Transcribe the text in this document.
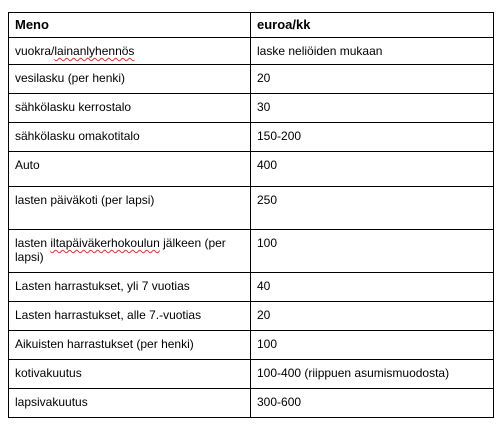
Meno	euroa/kk

vuokra/lainanlyhennös	laske neliöiden mukaan

vesilasku (per henki)	20

sähkölasku kerrostalo	30

sähkölasku omakotitalo	150-200

Auto	400

lasten päiväkoti (per lapsi)	250

lasten iltapäiväkerhokoulun jälkeen (per lapsi)	100

Lasten harrastukset, yli 7 vuotias	40

Lasten harrastukset, alle 7.-vuotias	20

Aikuisten harrastukset (per henki)	100

kotivakuutus	100-400 (riippuen asumismuodosta)

lapsivakuutus	300-600
